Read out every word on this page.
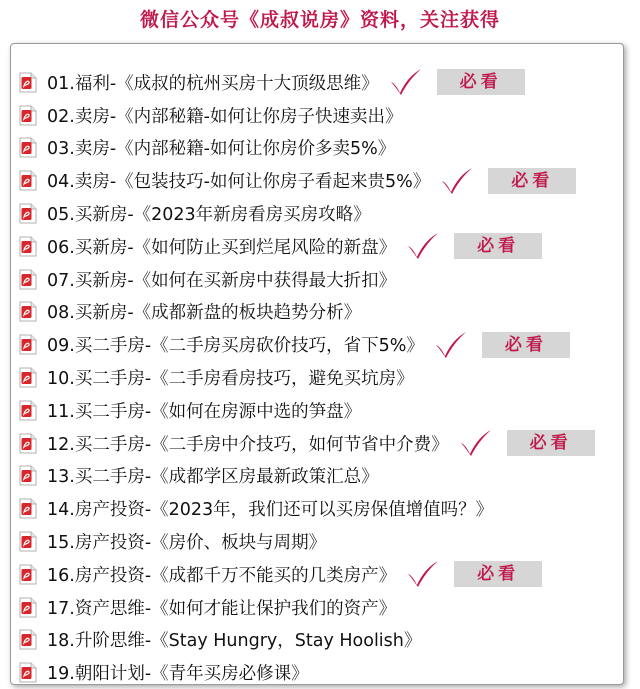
微信公众号《成叔说房》资料，关注获得
01.福利-《成叔的杭州买房十大顶级思维》	必看
02.卖房-《内部秘籍-如何让你房子快速卖出》
03.卖房-《内部秘籍-如何让你房价多卖5%》
04.卖房-《包装技巧-如何让你房子看起来贵5%》	必看
05.买新房-《2023年新房看房买房攻略》
06.买新房-《如何防止买到烂尾风险的新盘》	必看
07.买新房-《如何在买新房中获得最大折扣》
08.买新房-《成都新盘的板块趋势分析》
09.买二手房-《二手房买房砍价技巧，省下5%》	必看
10.买二手房-《二手房看房技巧，避免买坑房》
11.买二手房-《如何在房源中选的笋盘》
12.买二手房-《二手房中介技巧，如何节省中介费》	必看
13.买二手房-《成都学区房最新政策汇总》
14.房产投资-《2023年，我们还可以买房保值增值吗？》
15.房产投资-《房价、板块与周期》
16.房产投资-《成都千万不能买的几类房产》	必看
17.资产思维-《如何才能让保护我们的资产》
18.升阶思维-《Stay Hungry，Stay Hoolish》
19.朝阳计划-《青年买房必修课》
